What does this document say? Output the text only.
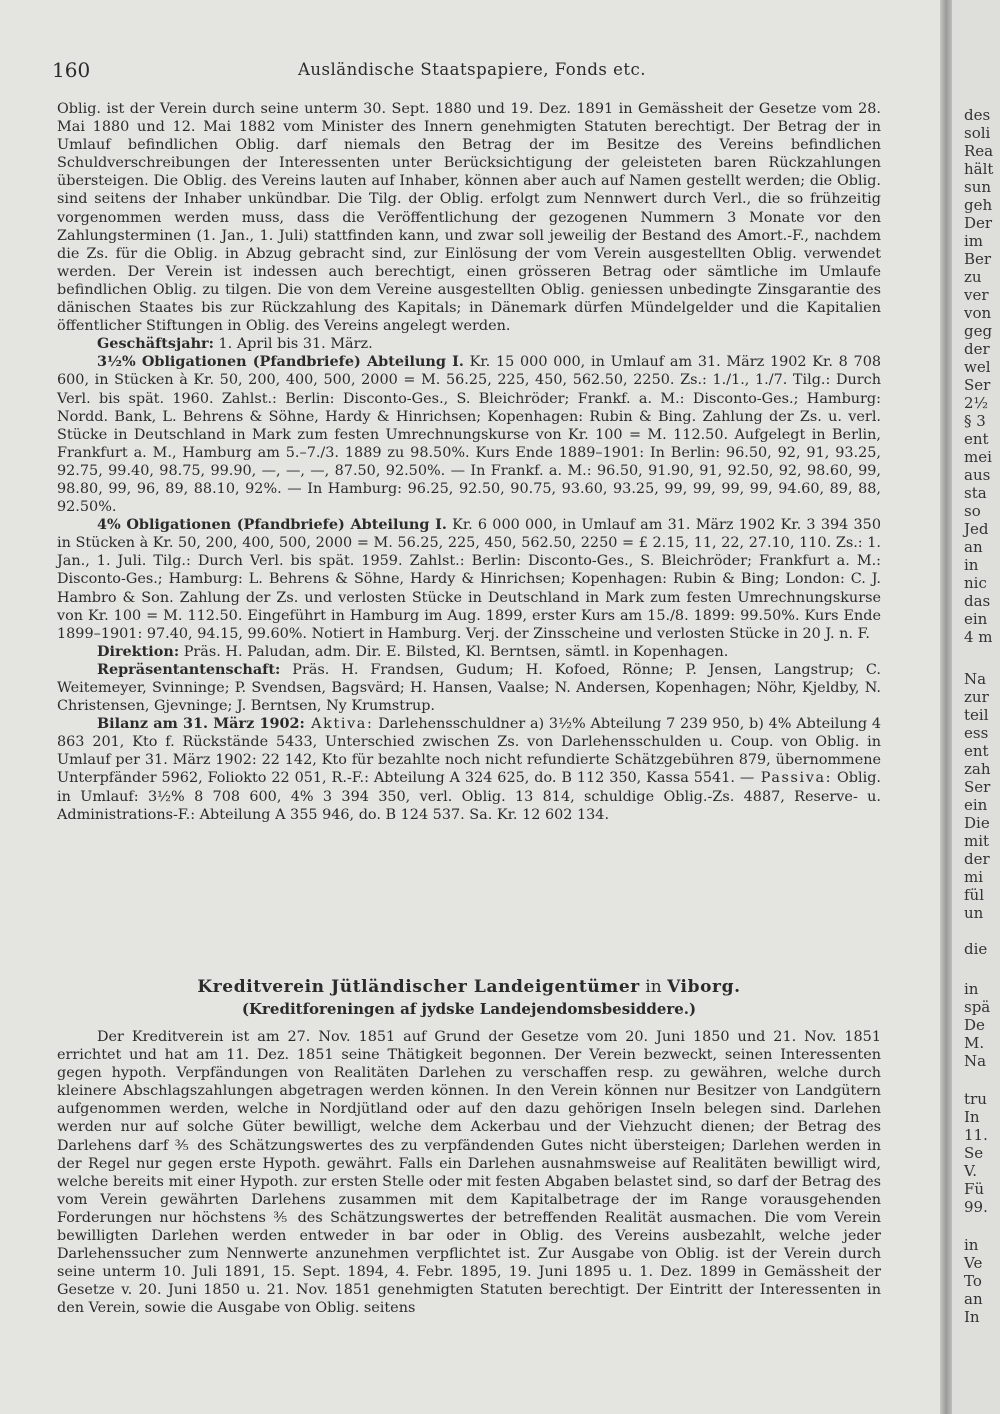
160	Ausländische Staatspapiere, Fonds etc.

Oblig. ist der Verein durch seine unterm 30. Sept. 1880 und 19. Dez. 1891 in Gemässheit der Gesetze vom 28. Mai 1880 und 12. Mai 1882 vom Minister des Innern genehmigten Statuten berechtigt. Der Betrag der in Umlauf befindlichen Oblig. darf niemals den Betrag der im Besitze des Vereins befindlichen Schuldverschreibungen der Interessenten unter Berücksichtigung der geleisteten baren Rückzahlungen übersteigen. Die Oblig. des Vereins lauten auf Inhaber, können aber auch auf Namen gestellt werden; die Oblig. sind seitens der Inhaber unkündbar. Die Tilg. der Oblig. erfolgt zum Nennwert durch Verl., die so frühzeitig vorgenommen werden muss, dass die Veröffentlichung der gezogenen Nummern 3 Monate vor den Zahlungsterminen (1. Jan., 1. Juli) stattfinden kann, und zwar soll jeweilig der Bestand des Amort.-F., nachdem die Zs. für die Oblig. in Abzug gebracht sind, zur Einlösung der vom Verein ausgestellten Oblig. verwendet werden. Der Verein ist indessen auch berechtigt, einen grösseren Betrag oder sämtliche im Umlaufe befindlichen Oblig. zu tilgen. Die von dem Vereine ausgestellten Oblig. geniessen unbedingte Zinsgarantie des dänischen Staates bis zur Rückzahlung des Kapitals; in Dänemark dürfen Mündelgelder und die Kapitalien öffentlicher Stiftungen in Oblig. des Vereins angelegt werden.

Geschäftsjahr: 1. April bis 31. März.

3½% Obligationen (Pfandbriefe) Abteilung I. Kr. 15 000 000, in Umlauf am 31. März 1902 Kr. 8 708 600, in Stücken à Kr. 50, 200, 400, 500, 2000 = M. 56.25, 225, 450, 562.50, 2250. Zs.: 1./1., 1./7. Tilg.: Durch Verl. bis spät. 1960. Zahlst.: Berlin: Disconto-Ges., S. Bleichröder; Frankf. a. M.: Disconto-Ges.; Hamburg: Nordd. Bank, L. Behrens & Söhne, Hardy & Hinrichsen; Kopenhagen: Rubin & Bing. Zahlung der Zs. u. verl. Stücke in Deutschland in Mark zum festen Umrechnungskurse von Kr. 100 = M. 112.50. Aufgelegt in Berlin, Frankfurt a. M., Hamburg am 5.–7./3. 1889 zu 98.50%. Kurs Ende 1889–1901: In Berlin: 96.50, 92, 91, 93.25, 92.75, 99.40, 98.75, 99.90, —, —, —, 87.50, 92.50%. — In Frankf. a. M.: 96.50, 91.90, 91, 92.50, 92, 98.60, 99, 98.80, 99, 96, 89, 88.10, 92%. — In Hamburg: 96.25, 92.50, 90.75, 93.60, 93.25, 99, 99, 99, 99, 94.60, 89, 88, 92.50%.

4% Obligationen (Pfandbriefe) Abteilung I. Kr. 6 000 000, in Umlauf am 31. März 1902 Kr. 3 394 350 in Stücken à Kr. 50, 200, 400, 500, 2000 = M. 56.25, 225, 450, 562.50, 2250 = £ 2.15, 11, 22, 27.10, 110. Zs.: 1. Jan., 1. Juli. Tilg.: Durch Verl. bis spät. 1959. Zahlst.: Berlin: Disconto-Ges., S. Bleichröder; Frankfurt a. M.: Disconto-Ges.; Hamburg: L. Behrens & Söhne, Hardy & Hinrichsen; Kopenhagen: Rubin & Bing; London: C. J. Hambro & Son. Zahlung der Zs. und verlosten Stücke in Deutschland in Mark zum festen Umrechnungskurse von Kr. 100 = M. 112.50. Eingeführt in Hamburg im Aug. 1899, erster Kurs am 15./8. 1899: 99.50%. Kurs Ende 1899–1901: 97.40, 94.15, 99.60%. Notiert in Hamburg. Verj. der Zinsscheine und verlosten Stücke in 20 J. n. F.

Direktion: Präs. H. Paludan, adm. Dir. E. Bilsted, Kl. Berntsen, sämtl. in Kopenhagen.

Repräsentantenschaft: Präs. H. Frandsen, Gudum; H. Kofoed, Rönne; P. Jensen, Langstrup; C. Weitemeyer, Svinninge; P. Svendsen, Bagsvärd; H. Hansen, Vaalse; N. Andersen, Kopenhagen; Nöhr, Kjeldby, N. Christensen, Gjevninge; J. Berntsen, Ny Krumstrup.

Bilanz am 31. März 1902: Aktiva: Darlehensschuldner a) 3½% Abteilung 7 239 950, b) 4% Abteilung 4 863 201, Kto f. Rückstände 5433, Unterschied zwischen Zs. von Darlehensschulden u. Coup. von Oblig. in Umlauf per 31. März 1902: 22 142, Kto für bezahlte noch nicht refundierte Schätzgebühren 879, übernommene Unterpfänder 5962, Foliokto 22 051, R.-F.: Abteilung A 324 625, do. B 112 350, Kassa 5541. — Passiva: Oblig. in Umlauf: 3½% 8 708 600, 4% 3 394 350, verl. Oblig. 13 814, schuldige Oblig.-Zs. 4887, Reserve- u. Administrations-F.: Abteilung A 355 946, do. B 124 537. Sa. Kr. 12 602 134.

Kreditverein Jütländischer Landeigentümer in Viborg.
(Kreditforeningen af jydske Landejendomsbesiddere.)

Der Kreditverein ist am 27. Nov. 1851 auf Grund der Gesetze vom 20. Juni 1850 und 21. Nov. 1851 errichtet und hat am 11. Dez. 1851 seine Thätigkeit begonnen. Der Verein bezweckt, seinen Interessenten gegen hypoth. Verpfändungen von Realitäten Darlehen zu verschaffen resp. zu gewähren, welche durch kleinere Abschlagszahlungen abgetragen werden können. In den Verein können nur Besitzer von Landgütern aufgenommen werden, welche in Nordjütland oder auf den dazu gehörigen Inseln belegen sind. Darlehen werden nur auf solche Güter bewilligt, welche dem Ackerbau und der Viehzucht dienen; der Betrag des Darlehens darf ⅗ des Schätzungswertes des zu verpfändenden Gutes nicht übersteigen; Darlehen werden in der Regel nur gegen erste Hypoth. gewährt. Falls ein Darlehen ausnahmsweise auf Realitäten bewilligt wird, welche bereits mit einer Hypoth. zur ersten Stelle oder mit festen Abgaben belastet sind, so darf der Betrag des vom Verein gewährten Darlehens zusammen mit dem Kapitalbetrage der im Range vorausgehenden Forderungen nur höchstens ⅗ des Schätzungswertes der betreffenden Realität ausmachen. Die vom Verein bewilligten Darlehen werden entweder in bar oder in Oblig. des Vereins ausbezahlt, welche jeder Darlehenssucher zum Nennwerte anzunehmen verpflichtet ist. Zur Ausgabe von Oblig. ist der Verein durch seine unterm 10. Juli 1891, 15. Sept. 1894, 4. Febr. 1895, 19. Juni 1895 u. 1. Dez. 1899 in Gemässheit der Gesetze v. 20. Juni 1850 u. 21. Nov. 1851 genehmigten Statuten berechtigt. Der Eintritt der Interessenten in den Verein, sowie die Ausgabe von Oblig. seitens

des
soli
Rea
hält
sun
geh
Der
im
Ber
zu
ver
von
geg
der
wel
Ser
2½
§ 3
ent
mei
aus
sta
so
Jed
an
in
nic
das
ein
4 m
Na
zur
teil
ess
ent
zah
Ser
ein
Die
mit
der
mi
fül
un
die
in
spä
De
M.
Na
tru
In
11.
Se
V.
Fü
99.
in
Ve
To
an
In
